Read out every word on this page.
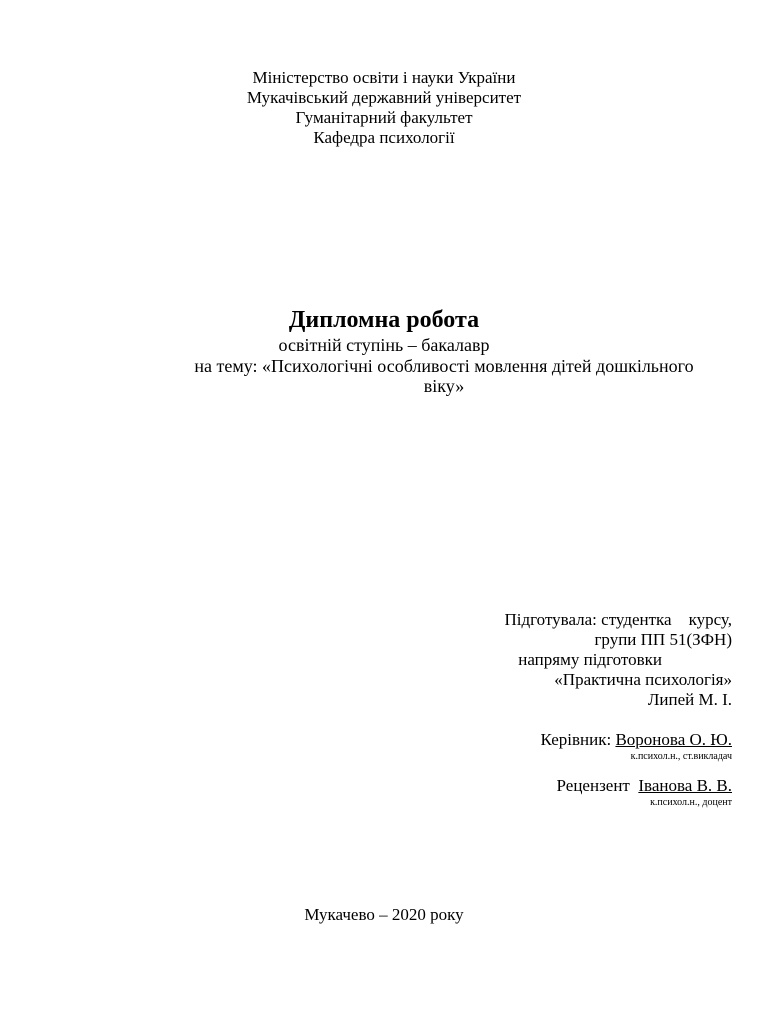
Міністерство освіти і науки України
Мукачівський державний університет
Гуманітарний факультет
Кафедра психології
Дипломна робота
освітній ступінь – бакалавр
на тему: «Психологічні особливості мовлення дітей дошкільного
віку»
Підготувала: студентка    курсу,
групи ПП 51(ЗФН)
напряму підготовки
«Практична психологія»
Липей М. І.
Керівник: Воронова О. Ю.
к.психол.н., ст.викладач
Рецензент  Іванова В. В.
к.психол.н., доцент
Мукачево – 2020 року
